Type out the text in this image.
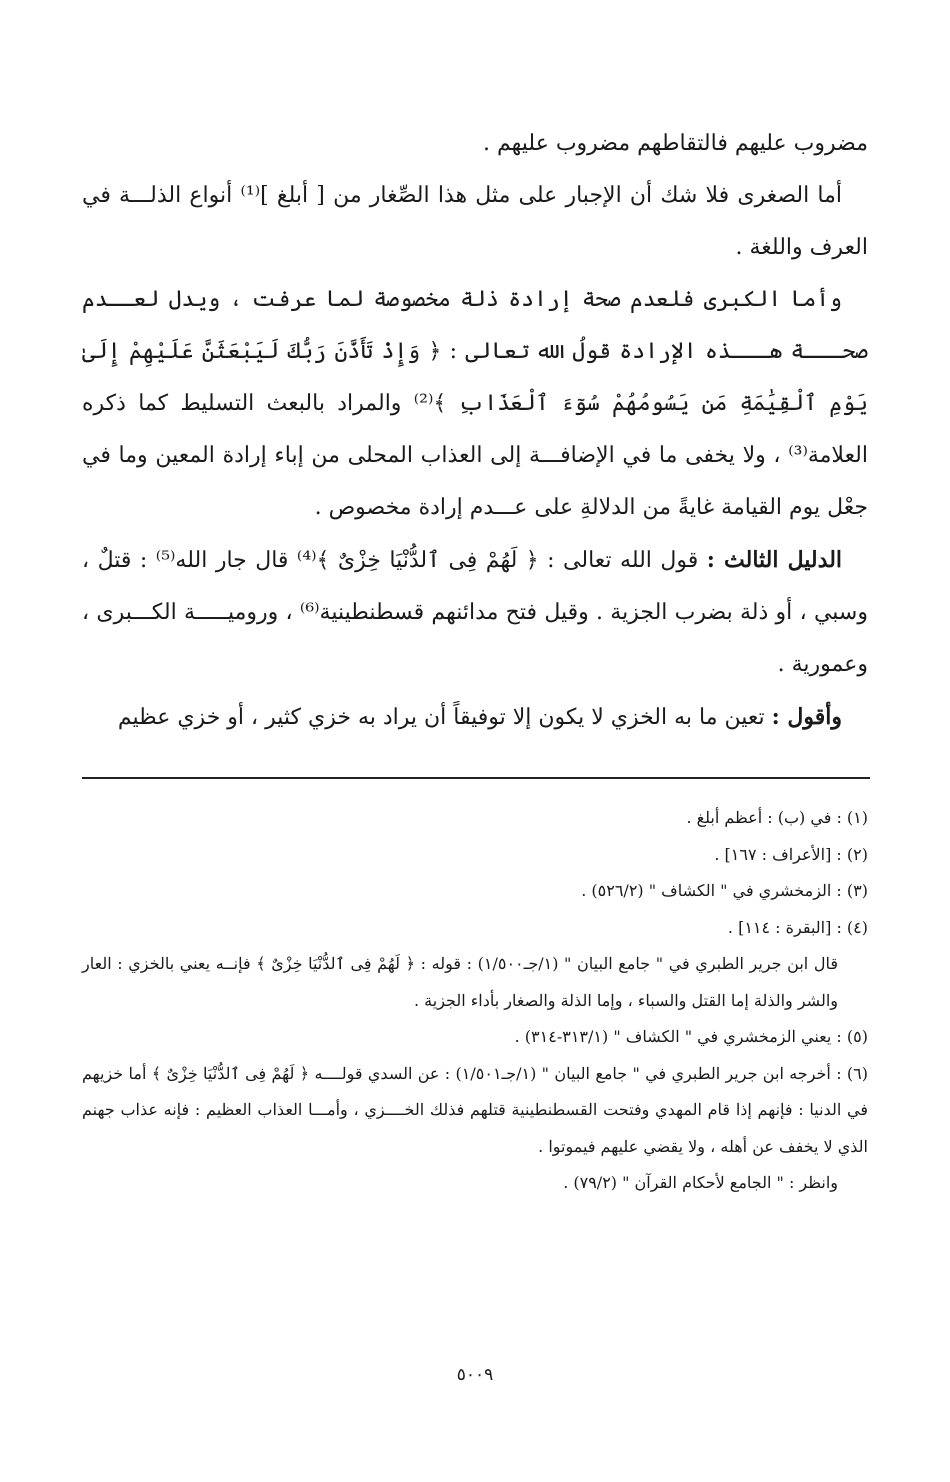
مضروب عليهم فالتقاطهم مضروب عليهم .

أما الصغرى فلا شك أن الإجبار على مثل هذا الصِّغار من [ أبلغ ]⁽¹⁾ أنواع الذلـــة في العرف واللغة .

وأما الكبرى فلعدم صحة إرادة ذلة مخصوصة لما عرفت ، ويدل لعــدم صحـــة هـــذه الإرادة قولُ الله تعالى : ﴿ وَإِذْ تَأَذَّنَ رَبُّكَ لَيَبْعَثَنَّ عَلَيْهِمْ إِلَىٰ يَوْمِ ٱلْقِيَٰمَةِ مَن يَسُومُهُمْ سُوٓءَ ٱلْعَذَابِ ﴾⁽²⁾ والمراد بالبعث التسليط كما ذكره العلامة⁽³⁾ ، ولا يخفى ما في الإضافـــة إلى العذاب المحلى من إباء إرادة المعين وما في جعْل يوم القيامة غايةً من الدلالةِ على عـــدم إرادة مخصوص .

الدليل الثالث : قول الله تعالى : ﴿ لَهُمْ فِى ٱلدُّنْيَا خِزْىٌ ﴾⁽⁴⁾ قال جار الله⁽⁵⁾ : قتلٌ ، وسبي ، أو ذلة بضرب الجزية . وقيل فتح مدائنهم قسطنطينية⁽⁶⁾ ، وروميـــــة الكـــبرى ، وعمورية .

وأقول : تعين ما به الخزي لا يكون إلا توفيقاً أن يراد به خزي كثير ، أو خزي عظيم

(١) : في (ب) : أعظم أبلغ .

(٢) : [الأعراف : ١٦٧] .

(٣) : الزمخشري في " الكشاف " (٥٢٦/٢) .

(٤) : [البقرة : ١١٤] .

قال ابن جرير الطبري في " جامع البيان " (١/جـ١/٥٠٠) : قوله : ﴿ لَهُمْ فِى ٱلدُّنْيَا خِزْىٌ ﴾ فإنــه يعني بالخزي : العار والشر والذلة إما القتل والسباء ، وإما الذلة والصغار بأداء الجزية .

(٥) : يعني الزمخشري في " الكشاف " (٣١٣/١-٣١٤) .

(٦) : أخرجه ابن جرير الطبري في " جامع البيان " (١/جـ١/٥٠١) : عن السدي قولــــه ﴿ لَهُمْ فِى ٱلدُّنْيَا خِزْىٌ ﴾ أما خزيهم في الدنيا : فإنهم إذا قام المهدي وفتحت القسطنطينية قتلهم فذلك الخــــزي ، وأمـــا العذاب العظيم : فإنه عذاب جهنم الذي لا يخفف عن أهله ، ولا يقضي عليهم فيموتوا .

وانظر : " الجامع لأحكام القرآن " (٧٩/٢) .

٥٠٠٩
